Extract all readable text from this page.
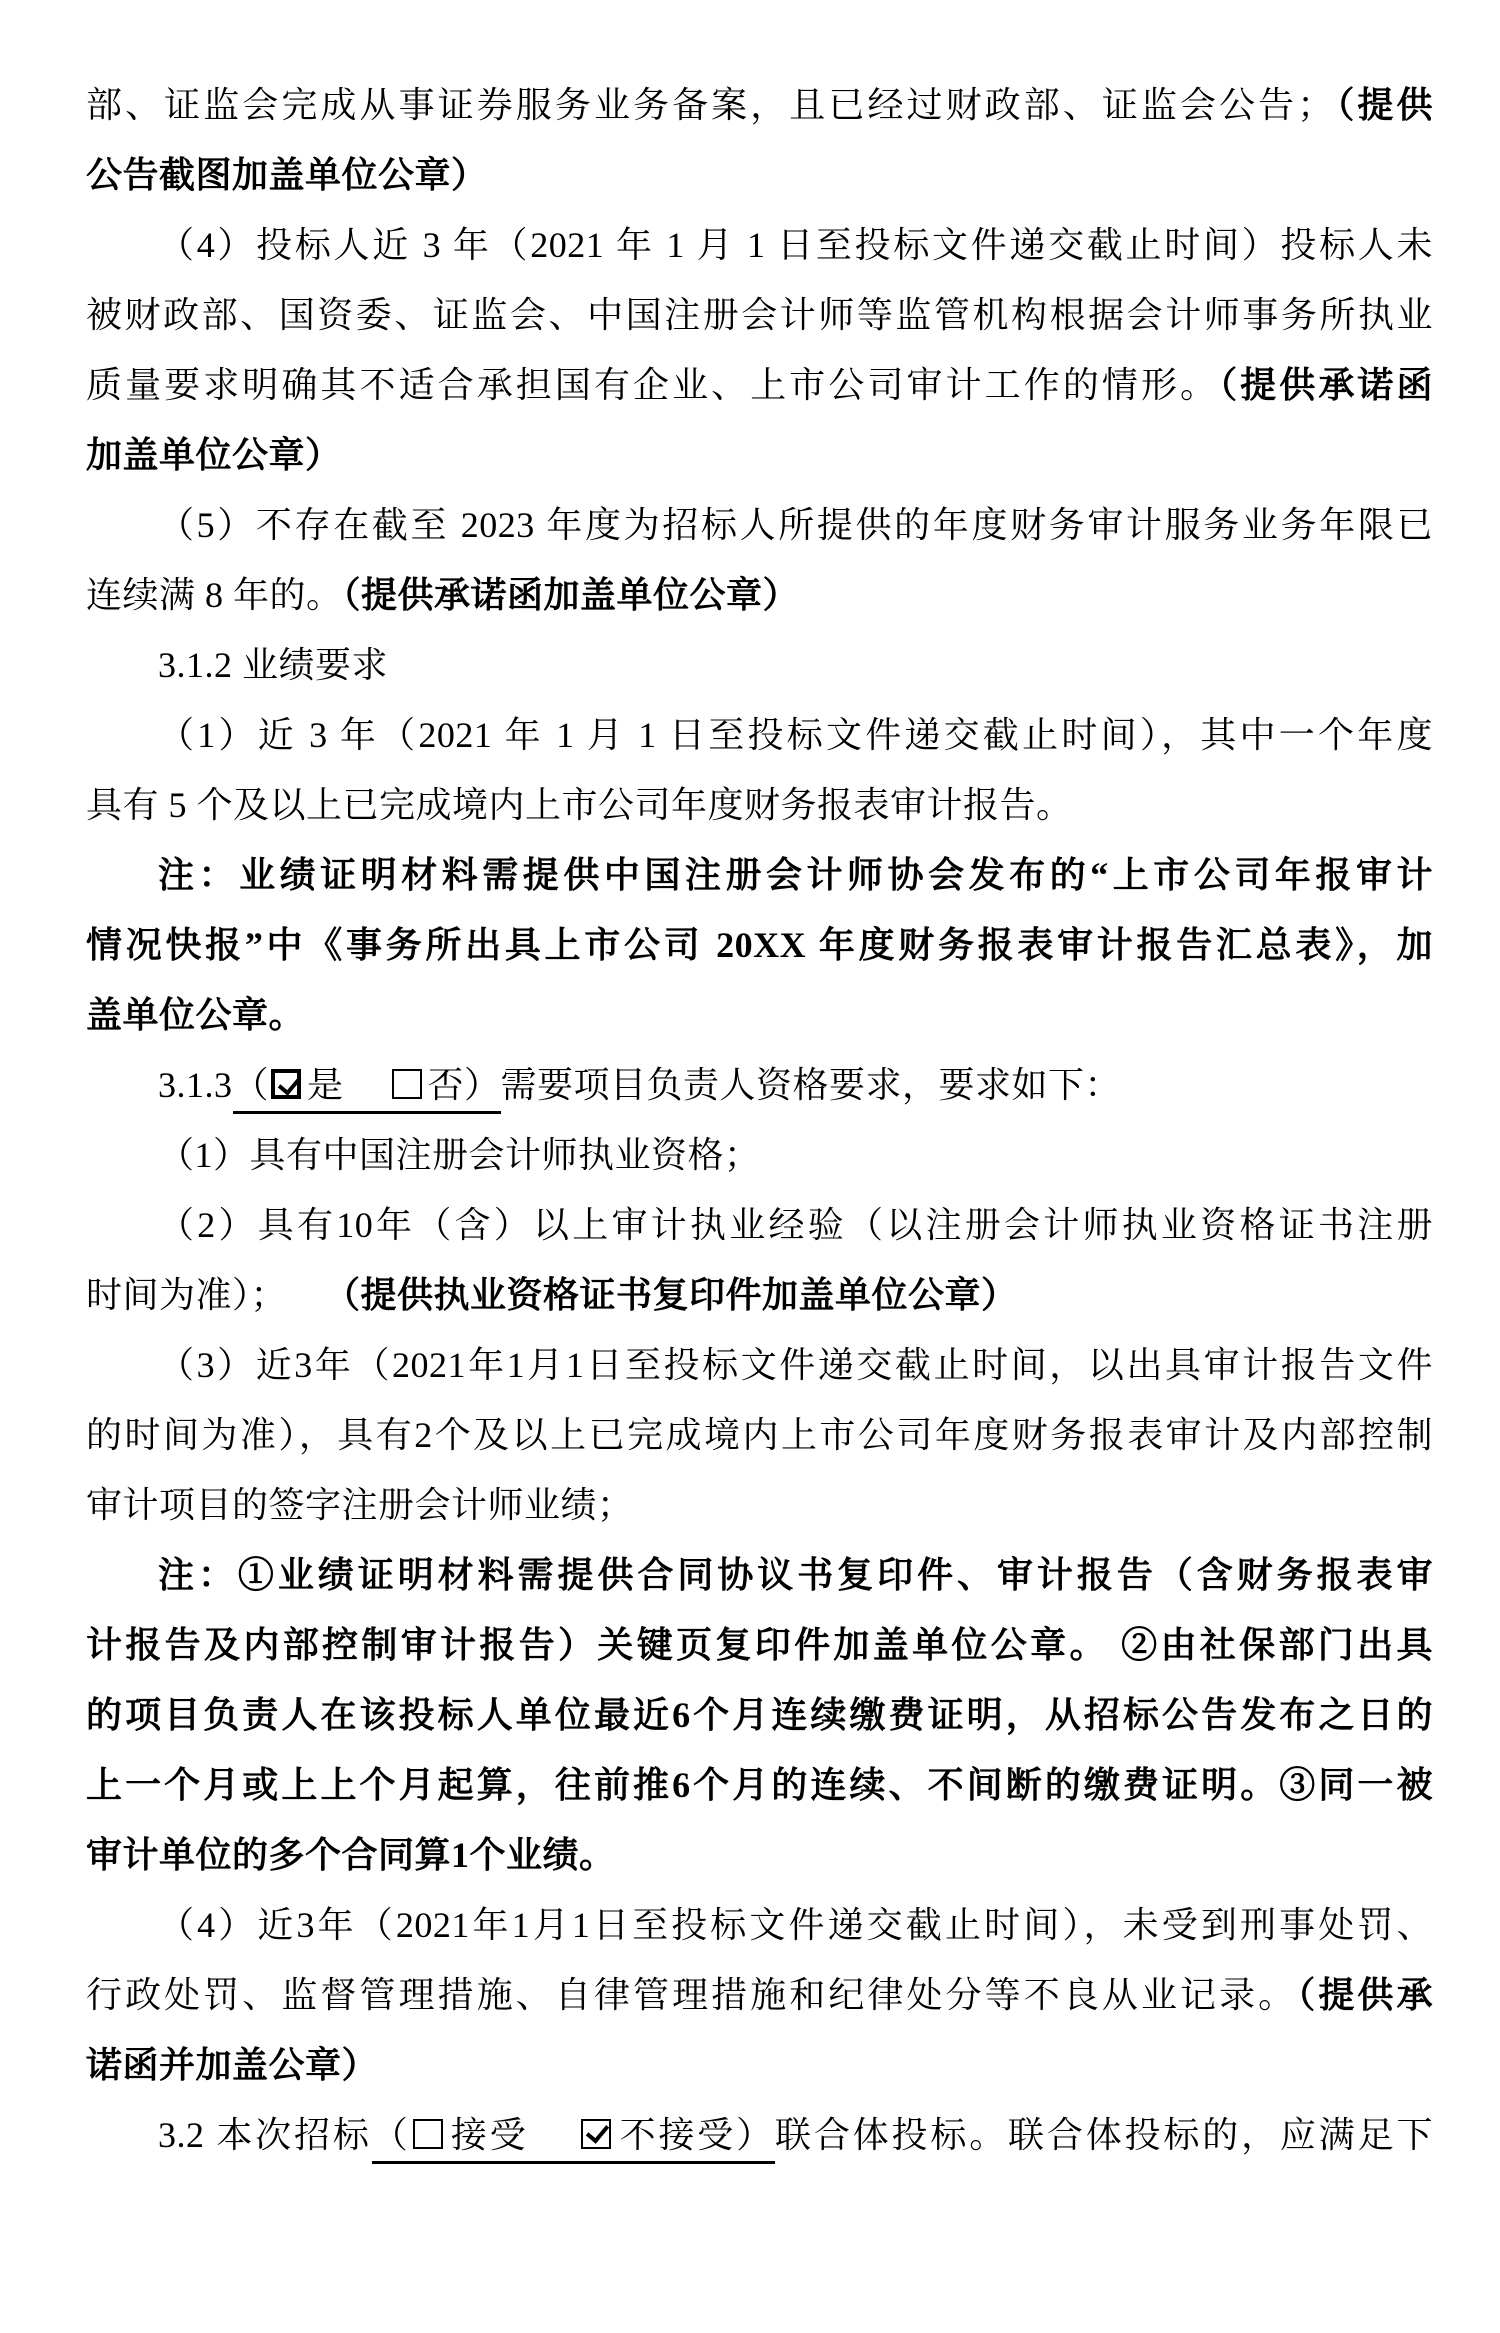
部、证监会完成从事证券服务业务备案，且已经过财政部、证监会公告；（提供
公告截图加盖单位公章）
（4）投标人近 3 年（2021 年 1 月 1 日至投标文件递交截止时间）投标人未
被财政部、国资委、证监会、中国注册会计师等监管机构根据会计师事务所执业
质量要求明确其不适合承担国有企业、上市公司审计工作的情形。（提供承诺函
加盖单位公章）
（5）不存在截至 2023 年度为招标人所提供的年度财务审计服务业务年限已
连续满 8 年的。（提供承诺函加盖单位公章）
3.1.2 业绩要求
（1）近 3 年（2021 年 1 月 1 日至投标文件递交截止时间），其中一个年度
具有 5 个及以上已完成境内上市公司年度财务报表审计报告。
注：业绩证明材料需提供中国注册会计师协会发布的“上市公司年报审计
情况快报”中《事务所出具上市公司 20XX 年度财务报表审计报告汇总表》，加
盖单位公章。
3.1.3（ 是　 否）需要项目负责人资格要求，要求如下：
（1）具有中国注册会计师执业资格；
（2）具有10年（含）以上审计执业经验（以注册会计师执业资格证书注册
时间为准）；　　 （提供执业资格证书复印件加盖单位公章）
（3）近3年（2021年1月1日至投标文件递交截止时间，以出具审计报告文件
的时间为准），具有2个及以上已完成境内上市公司年度财务报表审计及内部控制
审计项目的签字注册会计师业绩；
注：①业绩证明材料需提供合同协议书复印件、审计报告（含财务报表审
计报告及内部控制审计报告）关键页复印件加盖单位公章。 ②由社保部门出具
的项目负责人在该投标人单位最近6个月连续缴费证明，从招标公告发布之日的
上一个月或上上个月起算，往前推6个月的连续、不间断的缴费证明。③同一被
审计单位的多个合同算1个业绩。
（4）近3年（2021年1月1日至投标文件递交截止时间），未受到刑事处罚、
行政处罚、监督管理措施、自律管理措施和纪律处分等不良从业记录。（提供承
诺函并加盖公章）
3.2 本次招标（ 接受　 不接受）联合体投标。联合体投标的，应满足下
